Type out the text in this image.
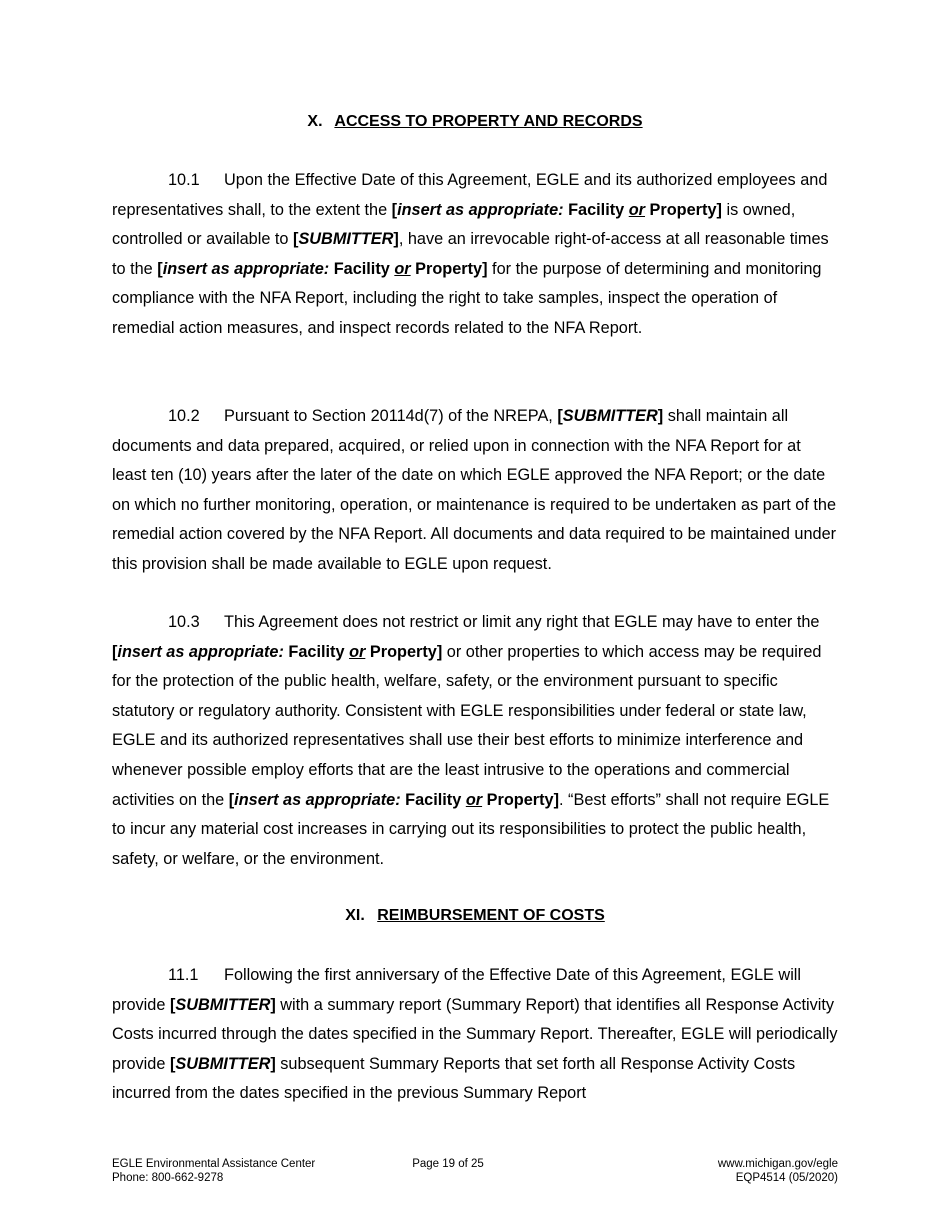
X. ACCESS TO PROPERTY AND RECORDS

10.1 Upon the Effective Date of this Agreement, EGLE and its authorized employees and representatives shall, to the extent the [insert as appropriate: Facility or Property] is owned, controlled or available to [SUBMITTER], have an irrevocable right-of-access at all reasonable times to the [insert as appropriate: Facility or Property] for the purpose of determining and monitoring compliance with the NFA Report, including the right to take samples, inspect the operation of remedial action measures, and inspect records related to the NFA Report.

10.2 Pursuant to Section 20114d(7) of the NREPA, [SUBMITTER] shall maintain all documents and data prepared, acquired, or relied upon in connection with the NFA Report for at least ten (10) years after the later of the date on which EGLE approved the NFA Report; or the date on which no further monitoring, operation, or maintenance is required to be undertaken as part of the remedial action covered by the NFA Report. All documents and data required to be maintained under this provision shall be made available to EGLE upon request.

10.3 This Agreement does not restrict or limit any right that EGLE may have to enter the [insert as appropriate: Facility or Property] or other properties to which access may be required for the protection of the public health, welfare, safety, or the environment pursuant to specific statutory or regulatory authority. Consistent with EGLE responsibilities under federal or state law, EGLE and its authorized representatives shall use their best efforts to minimize interference and whenever possible employ efforts that are the least intrusive to the operations and commercial activities on the [insert as appropriate: Facility or Property]. “Best efforts” shall not require EGLE to incur any material cost increases in carrying out its responsibilities to protect the public health, safety, or welfare, or the environment.

XI. REIMBURSEMENT OF COSTS

11.1 Following the first anniversary of the Effective Date of this Agreement, EGLE will provide [SUBMITTER] with a summary report (Summary Report) that identifies all Response Activity Costs incurred through the dates specified in the Summary Report. Thereafter, EGLE will periodically provide [SUBMITTER] subsequent Summary Reports that set forth all Response Activity Costs incurred from the dates specified in the previous Summary Report

EGLE Environmental Assistance Center
Phone: 800-662-9278
Page 19 of 25	www.michigan.gov/egle
EQP4514 (05/2020)
